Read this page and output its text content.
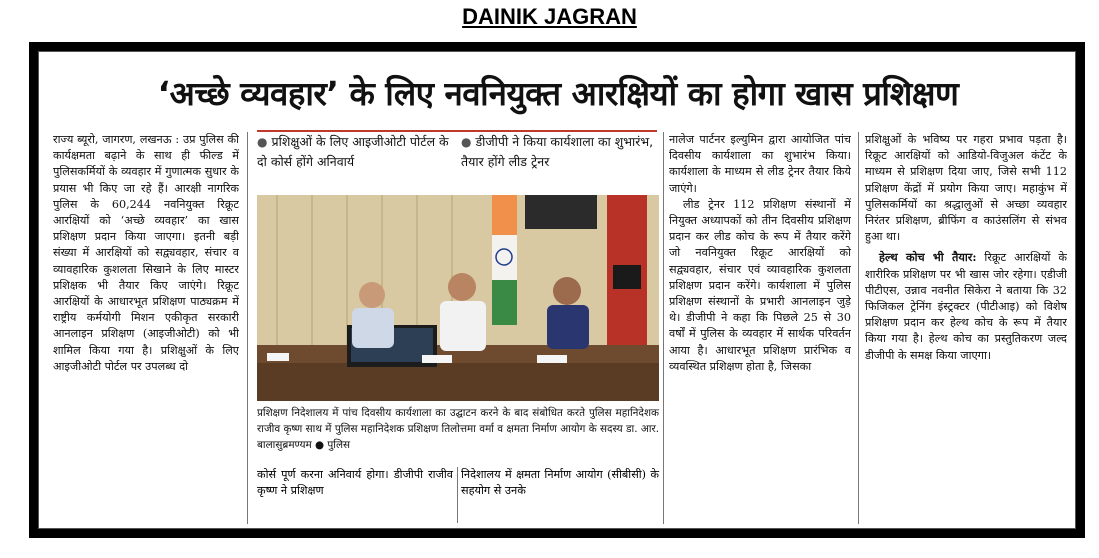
DAINIK JAGRAN
‘अच्छे व्यवहार’ के लिए नवनियुक्त आरक्षियों का होगा खास प्रशिक्षण

राज्य ब्यूरो, जागरण, लखनऊ : उप्र पुलिस की कार्यक्षमता बढ़ाने के साथ ही फील्ड में पुलिसकर्मियों के व्यवहार में गुणात्मक सुधार के प्रयास भी किए जा रहे हैं। आरक्षी नागरिक पुलिस के 60,244 नवनियुक्त रिक्रूट आरक्षियों को ‘अच्छे व्यवहार’ का खास प्रशिक्षण प्रदान किया जाएगा। इतनी बड़ी संख्या में आरक्षियों को सद्व्यवहार, संचार व व्यावहारिक कुशलता सिखाने के लिए मास्टर प्रशिक्षक भी तैयार किए जाएंगे। रिक्रूट आरक्षियों के आधारभूत प्रशिक्षण पाठ्यक्रम में राष्ट्रीय कर्मयोगी मिशन एकीकृत सरकारी आनलाइन प्रशिक्षण (आइजीओटी) को भी शामिल किया गया है। प्रशिक्षुओं के लिए आइजीओटी पोर्टल पर उपलब्ध दो

● प्रशिक्षुओं के लिए आइजीओटी पोर्टल के दो कोर्स होंगे अनिवार्य
● डीजीपी ने किया कार्यशाला का शुभारंभ, तैयार होंगे लीड ट्रेनर
प्रशिक्षण निदेशालय में पांच दिवसीय कार्यशाला का उद्घाटन करने के बाद संबोधित करते पुलिस महानिदेशक राजीव कृष्ण साथ में पुलिस महानिदेशक प्रशिक्षण तिलोत्तमा वर्मा व क्षमता निर्माण आयोग के सदस्य डा. आर. बालासुब्रमण्यम ● पुलिस
कोर्स पूर्ण करना अनिवार्य होगा। डीजीपी राजीव कृष्ण ने प्रशिक्षण
निदेशालय में क्षमता निर्माण आयोग (सीबीसी) के सहयोग से उनके

नालेज पार्टनर इल्युमिन द्वारा आयोजित पांच दिवसीय कार्यशाला का शुभारंभ किया। कार्यशाला के माध्यम से लीड ट्रेनर तैयार किये जाएंगे।

लीड ट्रेनर 112 प्रशिक्षण संस्थानों में नियुक्त अध्यापकों को तीन दिवसीय प्रशिक्षण प्रदान कर लीड कोच के रूप में तैयार करेंगे जो नवनियुक्त रिक्रूट आरक्षियों को सद्व्यवहार, संचार एवं व्यावहारिक कुशलता प्रशिक्षण प्रदान करेंगे। कार्यशाला में पुलिस प्रशिक्षण संस्थानों के प्रभारी आनलाइन जुड़े थे। डीजीपी ने कहा कि पिछले 25 से 30 वर्षों में पुलिस के व्यवहार में सार्थक परिवर्तन आया है। आधारभूत प्रशिक्षण प्रारंभिक व व्यवस्थित प्रशिक्षण होता है, जिसका

प्रशिक्षुओं के भविष्य पर गहरा प्रभाव पड़ता है। रिक्रूट आरक्षियों को आडियो-विजुअल कंटेंट के माध्यम से प्रशिक्षण दिया जाए, जिसे सभी 112 प्रशिक्षण केंद्रों में प्रयोग किया जाए। महाकुंभ में पुलिसकर्मियों का श्रद्धालुओं से अच्छा व्यवहार निरंतर प्रशिक्षण, ब्रीफिंग व काउंसलिंग से संभव हुआ था।

हेल्थ कोच भी तैयार: रिक्रूट आरक्षियों के शारीरिक प्रशिक्षण पर भी खास जोर रहेगा। एडीजी पीटीएस, उन्नाव नवनीत सिकेरा ने बताया कि 32 फिजिकल ट्रेनिंग इंस्ट्रक्टर (पीटीआइ) को विशेष प्रशिक्षण प्रदान कर हेल्थ कोच के रूप में तैयार किया गया है। हेल्थ कोच का प्रस्तुतिकरण जल्द डीजीपी के समक्ष किया जाएगा।
